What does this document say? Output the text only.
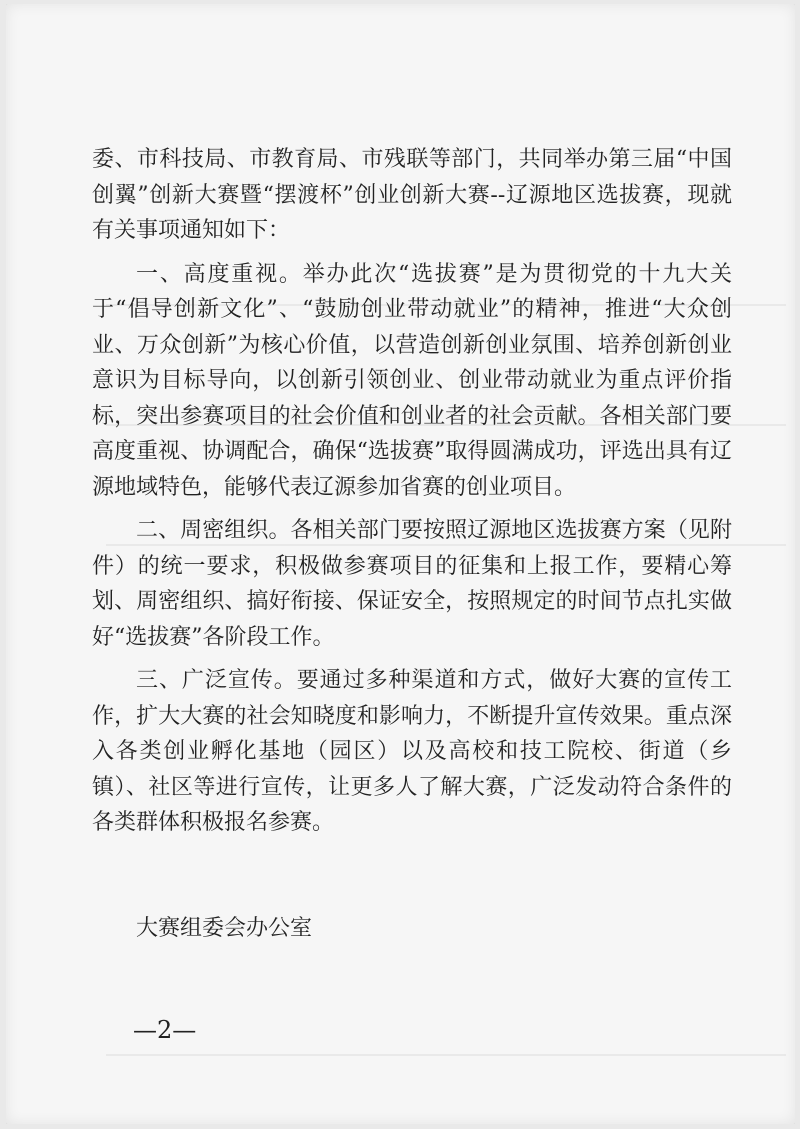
委、市科技局、市教育局、市残联等部门，共同举办第三届“中国创翼”创新大赛暨“摆渡杯”创业创新大赛--辽源地区选拔赛，现就有关事项通知如下：

一、高度重视。举办此次“选拔赛”是为贯彻党的十九大关于“倡导创新文化”、“鼓励创业带动就业”的精神，推进“大众创业、万众创新”为核心价值，以营造创新创业氛围、培养创新创业意识为目标导向，以创新引领创业、创业带动就业为重点评价指标，突出参赛项目的社会价值和创业者的社会贡献。各相关部门要高度重视、协调配合，确保“选拔赛”取得圆满成功，评选出具有辽源地域特色，能够代表辽源参加省赛的创业项目。

二、周密组织。各相关部门要按照辽源地区选拔赛方案（见附件）的统一要求，积极做参赛项目的征集和上报工作，要精心筹划、周密组织、搞好衔接、保证安全，按照规定的时间节点扎实做好“选拔赛”各阶段工作。

三、广泛宣传。要通过多种渠道和方式，做好大赛的宣传工作，扩大大赛的社会知晓度和影响力，不断提升宣传效果。重点深入各类创业孵化基地（园区）以及高校和技工院校、街道（乡镇）、社区等进行宣传，让更多人了解大赛，广泛发动符合条件的各类群体积极报名参赛。

大赛组委会办公室
—2—
